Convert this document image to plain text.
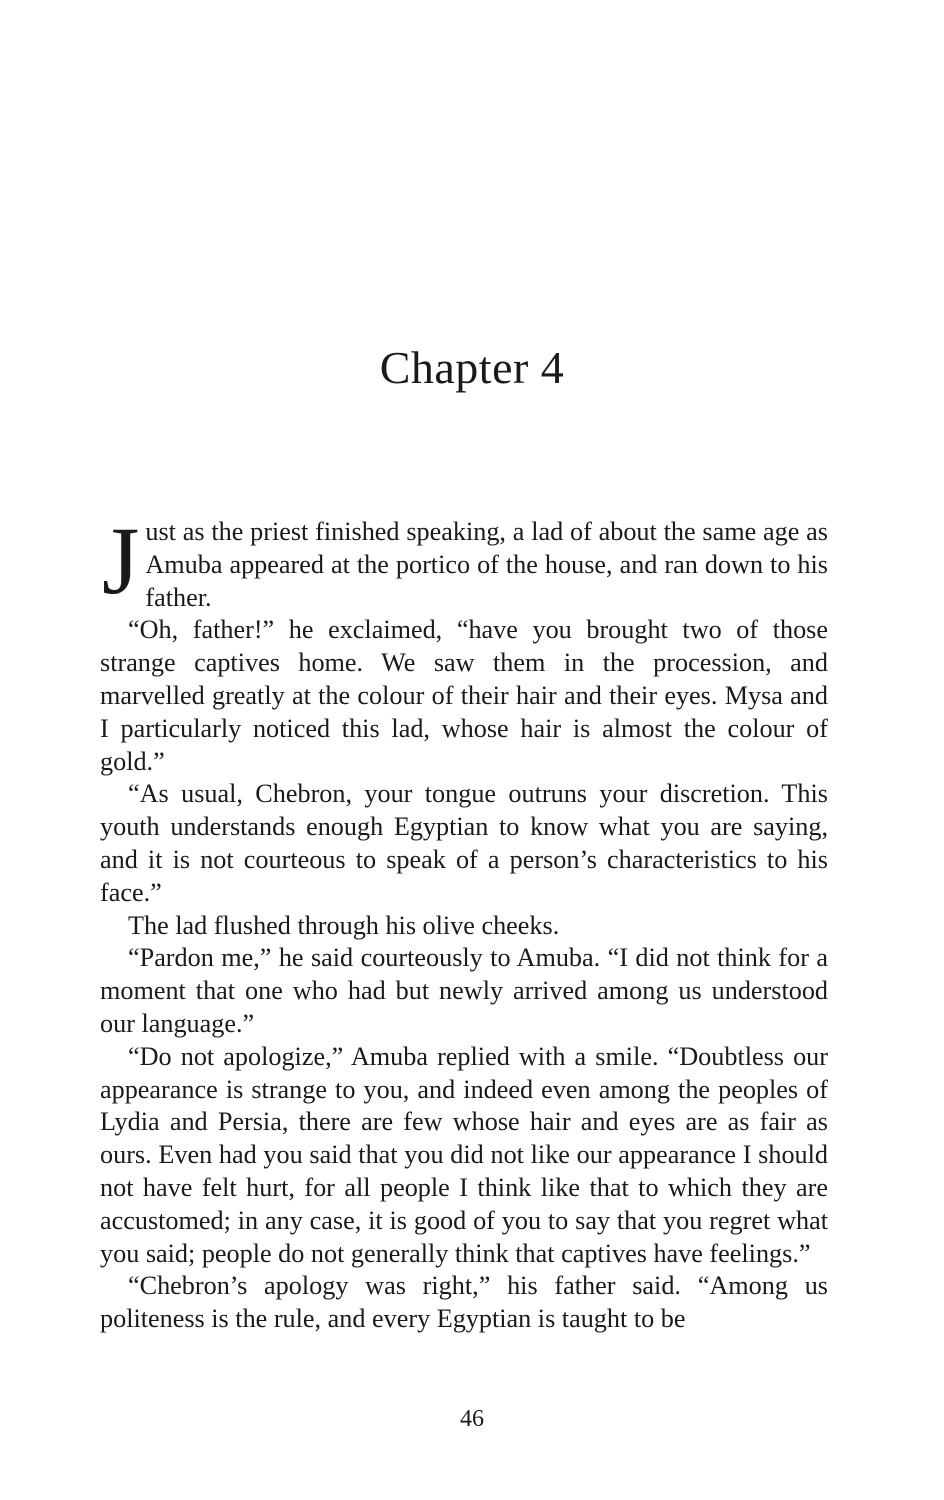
Chapter 4

Just as the priest finished speaking, a lad of about the same age as Amuba appeared at the portico of the house, and ran down to his father.

“Oh, father!” he exclaimed, “have you brought two of those strange captives home. We saw them in the procession, and marvelled greatly at the colour of their hair and their eyes. Mysa and I particularly noticed this lad, whose hair is almost the colour of gold.”

“As usual, Chebron, your tongue outruns your discretion. This youth understands enough Egyptian to know what you are saying, and it is not courteous to speak of a person’s characteristics to his face.”

The lad flushed through his olive cheeks.

“Pardon me,” he said courteously to Amuba. “I did not think for a moment that one who had but newly arrived among us understood our language.”

“Do not apologize,” Amuba replied with a smile. “Doubtless our appearance is strange to you, and indeed even among the peoples of Lydia and Persia, there are few whose hair and eyes are as fair as ours. Even had you said that you did not like our appearance I should not have felt hurt, for all people I think like that to which they are accustomed; in any case, it is good of you to say that you regret what you said; people do not generally think that captives have feelings.”

“Chebron’s apology was right,” his father said. “Among us politeness is the rule, and every Egyptian is taught to be

46
